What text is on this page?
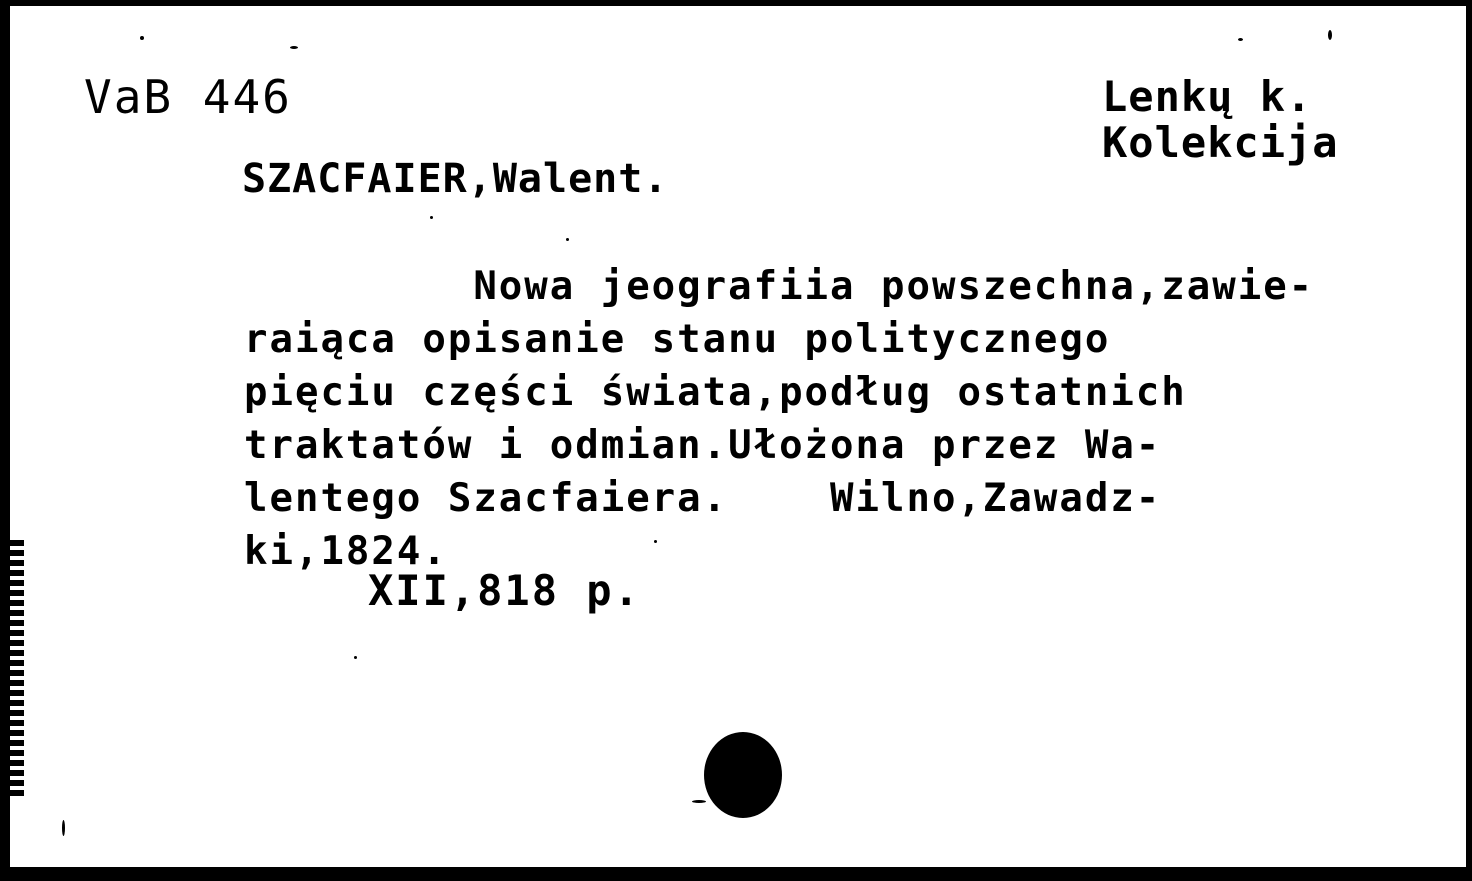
VaB 446	Lenkų k.
Kolekcija

SZACFAIER,Walent.

Nowa jeografiia powszechna,zawie-
raiąca opisanie stanu politycznego
pięciu części świata,podług ostatnich
traktatów i odmian.Ułożona przez Wa-
lentego Szacfaiera.    Wilno,Zawadz-
ki,1824.

XII,818 p.
